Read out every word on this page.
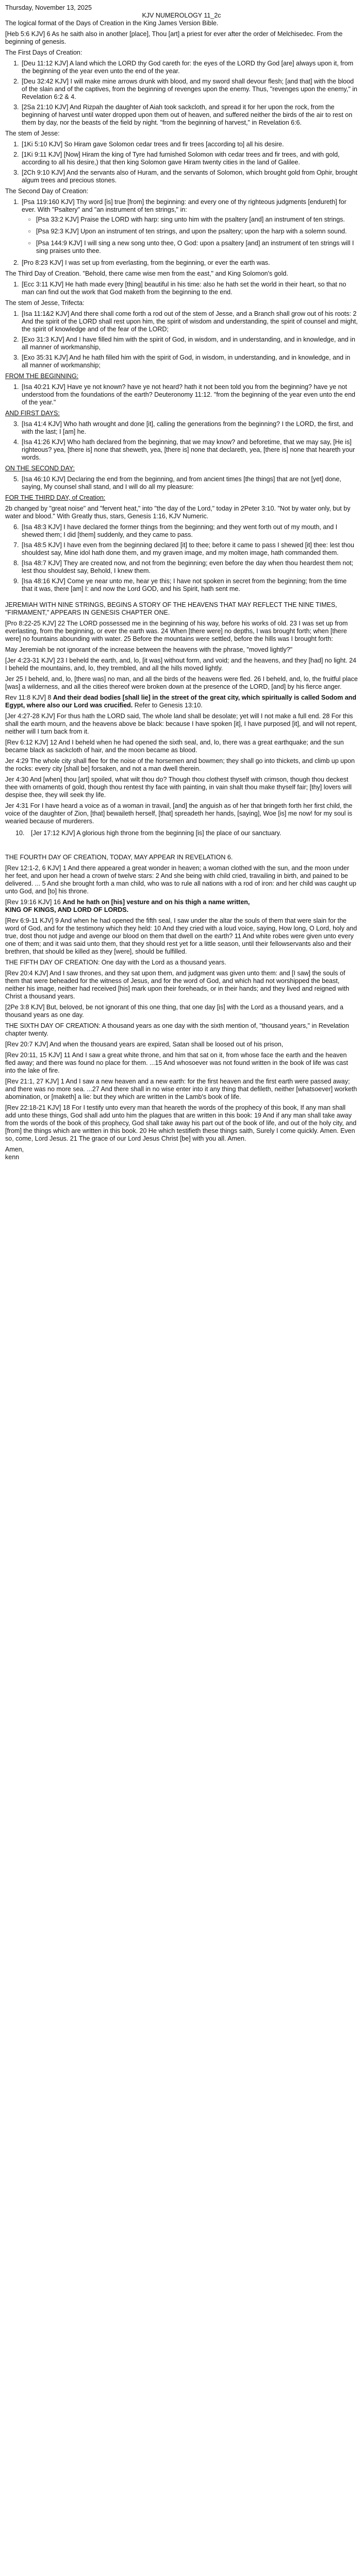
Thursday, November 13, 2025
KJV NUMEROLOGY 11_2c

The logical format of the Days of Creation in the King James Version Bible.

[Heb 5:6 KJV] 6 As he saith also in another [place], Thou [art] a priest for ever after the order of Melchisedec. From the beginning of genesis.

The First Days of Creation:

1. [Deu 11:12 KJV] A land which the LORD thy God careth for: the eyes of the LORD thy God [are] always upon it, from the beginning of the year even unto the end of the year.
2. [Deu 32:42 KJV] I will make mine arrows drunk with blood, and my sword shall devour flesh; [and that] with the blood of the slain and of the captives, from the beginning of revenges upon the enemy. Thus, "revenges upon the enemy," in Revelation 6:2 & 4.
3. [2Sa 21:10 KJV] And Rizpah the daughter of Aiah took sackcloth, and spread it for her upon the rock, from the beginning of harvest until water dropped upon them out of heaven, and suffered neither the birds of the air to rest on them by day, nor the beasts of the field by night. "from the beginning of harvest," in Revelation 6:6.

The stem of Jesse:

1. [1Ki 5:10 KJV] So Hiram gave Solomon cedar trees and fir trees [according to] all his desire.
2. [1Ki 9:11 KJV] [Now] Hiram the king of Tyre had furnished Solomon with cedar trees and fir trees, and with gold, according to all his desire,) that then king Solomon gave Hiram twenty cities in the land of Galilee.
3. [2Ch 9:10 KJV] And the servants also of Huram, and the servants of Solomon, which brought gold from Ophir, brought algum trees and precious stones.

The Second Day of Creation:

1. [Psa 119:160 KJV] Thy word [is] true [from] the beginning: and every one of thy righteous judgments [endureth] for ever. With "Psaltery" and "an instrument of ten strings," in:
○ [Psa 33:2 KJV] Praise the LORD with harp: sing unto him with the psaltery [and] an instrument of ten strings.
○ [Psa 92:3 KJV] Upon an instrument of ten strings, and upon the psaltery; upon the harp with a solemn sound.
○ [Psa 144:9 KJV] I will sing a new song unto thee, O God: upon a psaltery [and] an instrument of ten strings will I sing praises unto thee.
2. [Pro 8:23 KJV] I was set up from everlasting, from the beginning, or ever the earth was.

The Third Day of Creation. "Behold, there came wise men from the east," and King Solomon's gold.

1. [Ecc 3:11 KJV] He hath made every [thing] beautiful in his time: also he hath set the world in their heart, so that no man can find out the work that God maketh from the beginning to the end.

The stem of Jesse, Trifecta:

1. [Isa 11:1&2 KJV] And there shall come forth a rod out of the stem of Jesse, and a Branch shall grow out of his roots: 2 And the spirit of the LORD shall rest upon him, the spirit of wisdom and understanding, the spirit of counsel and might, the spirit of knowledge and of the fear of the LORD;
2. [Exo 31:3 KJV] And I have filled him with the spirit of God, in wisdom, and in understanding, and in knowledge, and in all manner of workmanship,
3. [Exo 35:31 KJV] And he hath filled him with the spirit of God, in wisdom, in understanding, and in knowledge, and in all manner of workmanship;

FROM THE BEGINNING:

1. [Isa 40:21 KJV] Have ye not known? have ye not heard? hath it not been told you from the beginning? have ye not understood from the foundations of the earth? Deuteronomy 11:12. "from the beginning of the year even unto the end of the year."

AND FIRST DAYS:

3. [Isa 41:4 KJV] Who hath wrought and done [it], calling the generations from the beginning? I the LORD, the first, and with the last; I [am] he.
4. [Isa 41:26 KJV] Who hath declared from the beginning, that we may know? and beforetime, that we may say, [He is] righteous? yea, [there is] none that sheweth, yea, [there is] none that declareth, yea, [there is] none that heareth your words.

ON THE SECOND DAY:

5. [Isa 46:10 KJV] Declaring the end from the beginning, and from ancient times [the things] that are not [yet] done, saying, My counsel shall stand, and I will do all my pleasure:

FOR THE THIRD DAY, of Creation:

2b changed by "great noise" and "fervent heat," into "the day of the Lord," today in 2Peter 3:10. "Not by water only, but by water and blood." With Greatly thus, stars, Genesis 1:16, KJV Numeric.

6. [Isa 48:3 KJV] I have declared the former things from the beginning; and they went forth out of my mouth, and I shewed them; I did [them] suddenly, and they came to pass.
7. [Isa 48:5 KJV] I have even from the beginning declared [it] to thee; before it came to pass I shewed [it] thee: lest thou shouldest say, Mine idol hath done them, and my graven image, and my molten image, hath commanded them.
8. [Isa 48:7 KJV] They are created now, and not from the beginning; even before the day when thou heardest them not; lest thou shouldest say, Behold, I knew them.
9. [Isa 48:16 KJV] Come ye near unto me, hear ye this; I have not spoken in secret from the beginning; from the time that it was, there [am] I: and now the Lord GOD, and his Spirit, hath sent me.

JEREMIAH WITH NINE STRINGS, BEGINS A STORY OF THE HEAVENS THAT MAY REFLECT THE NINE TIMES, "FIRMAMENT," APPEARS IN GENESIS CHAPTER ONE.

[Pro 8:22-25 KJV] 22 The LORD possessed me in the beginning of his way, before his works of old. 23 I was set up from everlasting, from the beginning, or ever the earth was. 24 When [there were] no depths, I was brought forth; when [there were] no fountains abounding with water. 25 Before the mountains were settled, before the hills was I brought forth:

May Jeremiah be not ignorant of the increase between the heavens with the phrase, "moved lightly?"

[Jer 4:23-31 KJV] 23 I beheld the earth, and, lo, [it was] without form, and void; and the heavens, and they [had] no light. 24 I beheld the mountains, and, lo, they trembled, and all the hills moved lightly.

Jer 25 I beheld, and, lo, [there was] no man, and all the birds of the heavens were fled. 26 I beheld, and, lo, the fruitful place [was] a wilderness, and all the cities thereof were broken down at the presence of the LORD, [and] by his fierce anger.

Rev 11:8 KJV] 8 And their dead bodies [shall lie] in the street of the great city, which spiritually is called Sodom and Egypt, where also our Lord was crucified. Refer to Genesis 13:10.

[Jer 4:27-28 KJV] For thus hath the LORD said, The whole land shall be desolate; yet will I not make a full end. 28 For this shall the earth mourn, and the heavens above be black: because I have spoken [it], I have purposed [it], and will not repent, neither will I turn back from it.

[Rev 6:12 KJV] 12 And I beheld when he had opened the sixth seal, and, lo, there was a great earthquake; and the sun became black as sackcloth of hair, and the moon became as blood.

Jer 4:29 The whole city shall flee for the noise of the horsemen and bowmen; they shall go into thickets, and climb up upon the rocks: every city [shall be] forsaken, and not a man dwell therein.

Jer 4:30 And [when] thou [art] spoiled, what wilt thou do? Though thou clothest thyself with crimson, though thou deckest thee with ornaments of gold, though thou rentest thy face with painting, in vain shalt thou make thyself fair; [thy] lovers will despise thee, they will seek thy life.

Jer 4:31 For I have heard a voice as of a woman in travail, [and] the anguish as of her that bringeth forth her first child, the voice of the daughter of Zion, [that] bewaileth herself, [that] spreadeth her hands, [saying], Woe [is] me now! for my soul is wearied because of murderers.

10.	[Jer 17:12 KJV] A glorious high throne from the beginning [is] the place of our sanctuary.

THE FOURTH DAY OF CREATION, TODAY, MAY APPEAR IN REVELATION 6.

[Rev 12:1-2, 6 KJV] 1 And there appeared a great wonder in heaven; a woman clothed with the sun, and the moon under her feet, and upon her head a crown of twelve stars: 2 And she being with child cried, travailing in birth, and pained to be delivered. ... 5 And she brought forth a man child, who was to rule all nations with a rod of iron: and her child was caught up unto God, and [to] his throne.

[Rev 19:16 KJV] 16 And he hath on [his] vesture and on his thigh a name written,
KING OF KINGS, AND LORD OF LORDS.

[Rev 6:9-11 KJV] 9 And when he had opened the fifth seal, I saw under the altar the souls of them that were slain for the word of God, and for the testimony which they held: 10 And they cried with a loud voice, saying, How long, O Lord, holy and true, dost thou not judge and avenge our blood on them that dwell on the earth? 11 And white robes were given unto every one of them; and it was said unto them, that they should rest yet for a little season, until their fellowservants also and their brethren, that should be killed as they [were], should be fulfilled.

THE FIFTH DAY OF CREATION: One day with the Lord as a thousand years.

[Rev 20:4 KJV] And I saw thrones, and they sat upon them, and judgment was given unto them: and [I saw] the souls of them that were beheaded for the witness of Jesus, and for the word of God, and which had not worshipped the beast, neither his image, neither had received [his] mark upon their foreheads, or in their hands; and they lived and reigned with Christ a thousand years.

[2Pe 3:8 KJV] But, beloved, be not ignorant of this one thing, that one day [is] with the Lord as a thousand years, and a thousand years as one day.

THE SIXTH DAY OF CREATION: A thousand years as one day with the sixth mention of, "thousand years," in Revelation chapter twenty.

[Rev 20:7 KJV] And when the thousand years are expired, Satan shall be loosed out of his prison,

[Rev 20:11, 15 KJV] 11 And I saw a great white throne, and him that sat on it, from whose face the earth and the heaven fled away; and there was found no place for them. ...15 And whosoever was not found written in the book of life was cast into the lake of fire.

[Rev 21:1, 27 KJV] 1 And I saw a new heaven and a new earth: for the first heaven and the first earth were passed away; and there was no more sea. ...27 And there shall in no wise enter into it any thing that defileth, neither [whatsoever] worketh abomination, or [maketh] a lie: but they which are written in the Lamb's book of life.

[Rev 22:18-21 KJV] 18 For I testify unto every man that heareth the words of the prophecy of this book, If any man shall add unto these things, God shall add unto him the plagues that are written in this book: 19 And if any man shall take away from the words of the book of this prophecy, God shall take away his part out of the book of life, and out of the holy city, and [from] the things which are written in this book. 20 He which testifieth these things saith, Surely I come quickly. Amen. Even so, come, Lord Jesus. 21 The grace of our Lord Jesus Christ [be] with you all. Amen.

Amen,
kenn
